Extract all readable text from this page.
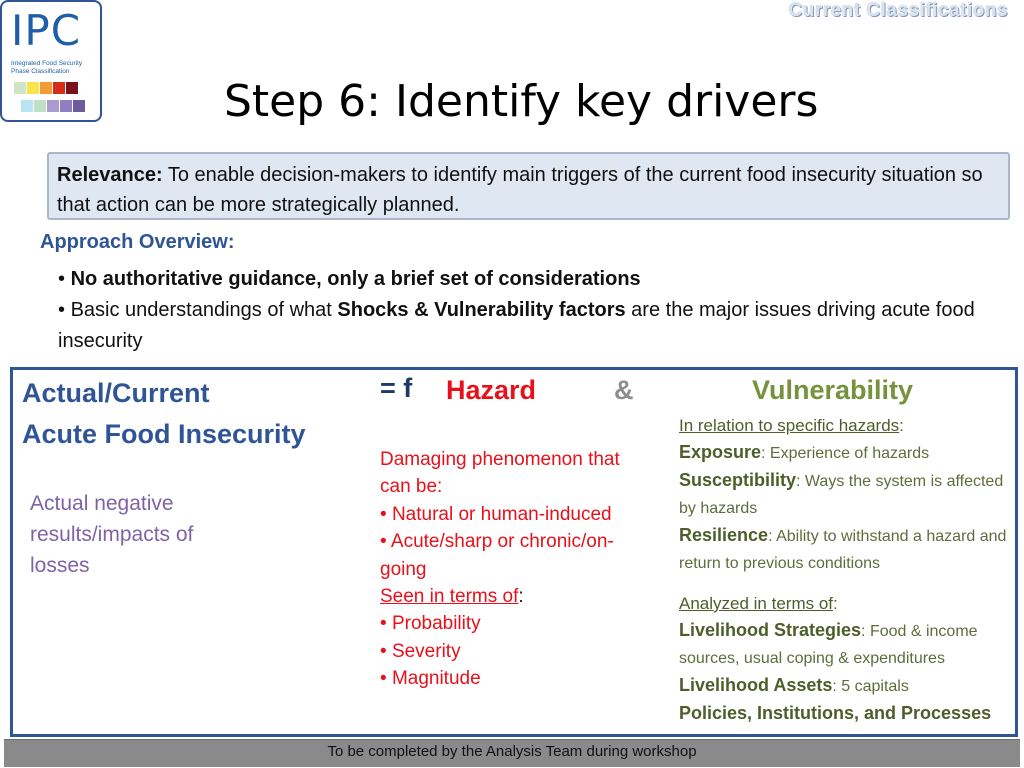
IPC
Integrated Food Security Phase Classification

Current Classifications
Step 6: Identify key drivers
Relevance: To enable decision-makers to identify main triggers of the current food insecurity situation so that action can be more strategically planned.
Approach Overview:

• No authoritative guidance, only a brief set of considerations

• Basic understandings of what Shocks & Vulnerability factors are the major issues driving acute food insecurity

Actual/Current
Acute Food Insecurity
Actual negative results/impacts of losses
= f Hazard	&	Vulnerability
Damaging phenomenon that can be:
• Natural or human-induced
• Acute/sharp or chronic/on-going
Seen in terms of:
• Probability
• Severity
• Magnitude
In relation to specific hazards:
Exposure: Experience of hazards
Susceptibility: Ways the system is affected by hazards
Resilience: Ability to withstand a hazard and return to previous conditions
Analyzed in terms of:
Livelihood Strategies: Food & income sources, usual coping & expenditures
Livelihood Assets: 5 capitals
Policies, Institutions, and Processes
To be completed by the Analysis Team during workshop
